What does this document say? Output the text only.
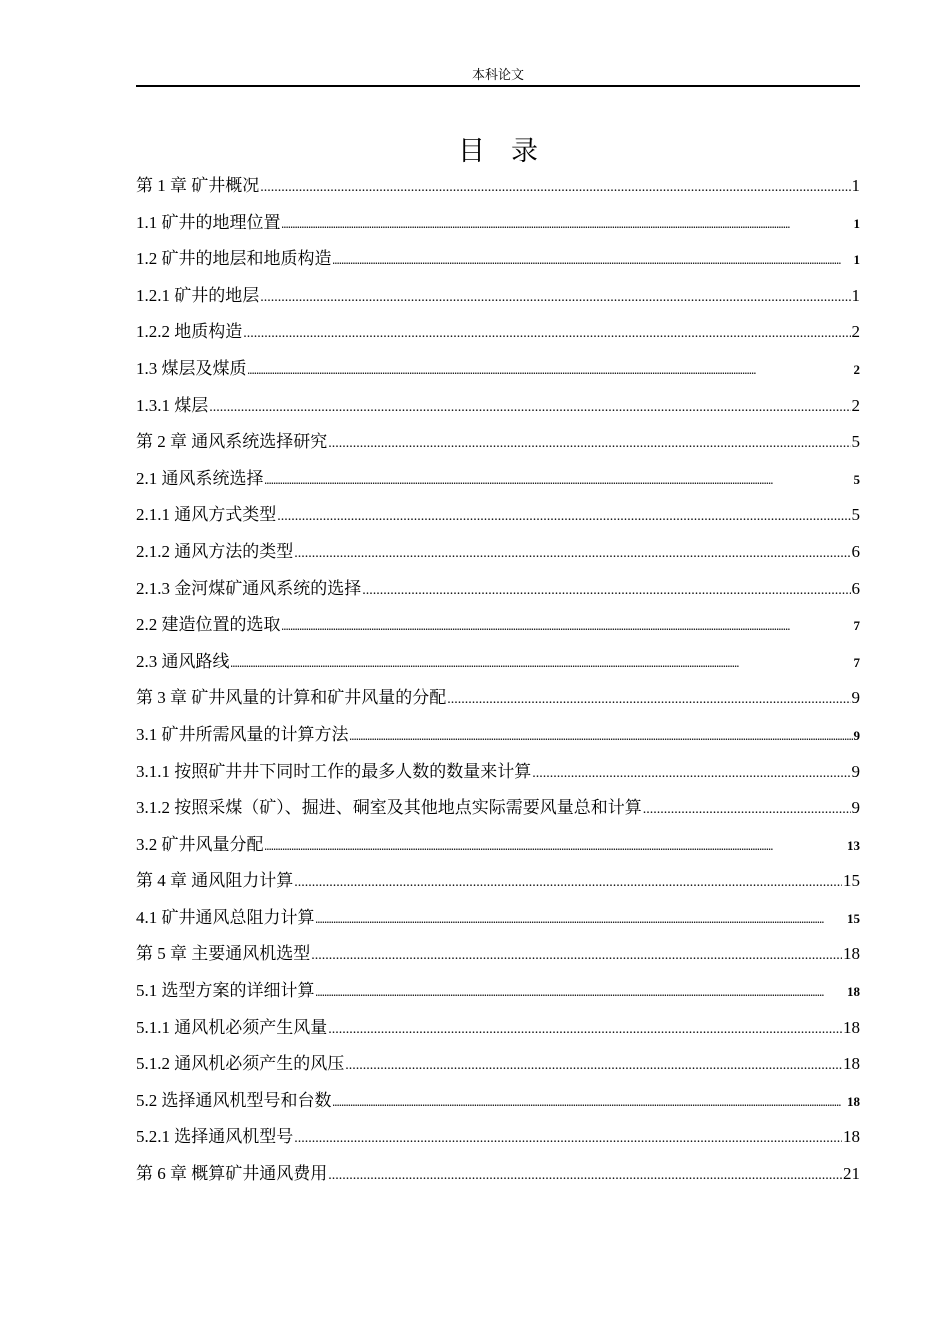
本科论文
目录
第 1 章 矿井概况 .....	1
1.1 矿井的地理位置 .....	1
1.2 矿井的地层和地质构造 .....	1
1.2.1 矿井的地层 .....	1
1.2.2 地质构造 .....	2
1.3 煤层及煤质 .....	2
1.3.1 煤层 .....	2
第 2 章 通风系统选择研究 .....	5
2.1 通风系统选择 .....	5
2.1.1 通风方式类型 .....	5
2.1.2 通风方法的类型 .....	6
2.1.3 金河煤矿通风系统的选择 .....	6
2.2 建造位置的选取 .....	7
2.3 通风路线 .....	7
第 3 章 矿井风量的计算和矿井风量的分配 .....	9
3.1 矿井所需风量的计算方法 .....	9
3.1.1 按照矿井井下同时工作的最多人数的数量来计算 .....	9
3.1.2 按照采煤（矿）、掘进、硐室及其他地点实际需要风量总和计算 .....	9
3.2 矿井风量分配 .....	13
第 4 章 通风阻力计算 .....	15
4.1 矿井通风总阻力计算 .....	15
第 5 章 主要通风机选型 .....	18
5.1 选型方案的详细计算 .....	18
5.1.1 通风机必须产生风量 .....	18
5.1.2 通风机必须产生的风压 .....	18
5.2 选择通风机型号和台数 .....	18
5.2.1 选择通风机型号 .....	18
第 6 章 概算矿井通风费用 .....	21
